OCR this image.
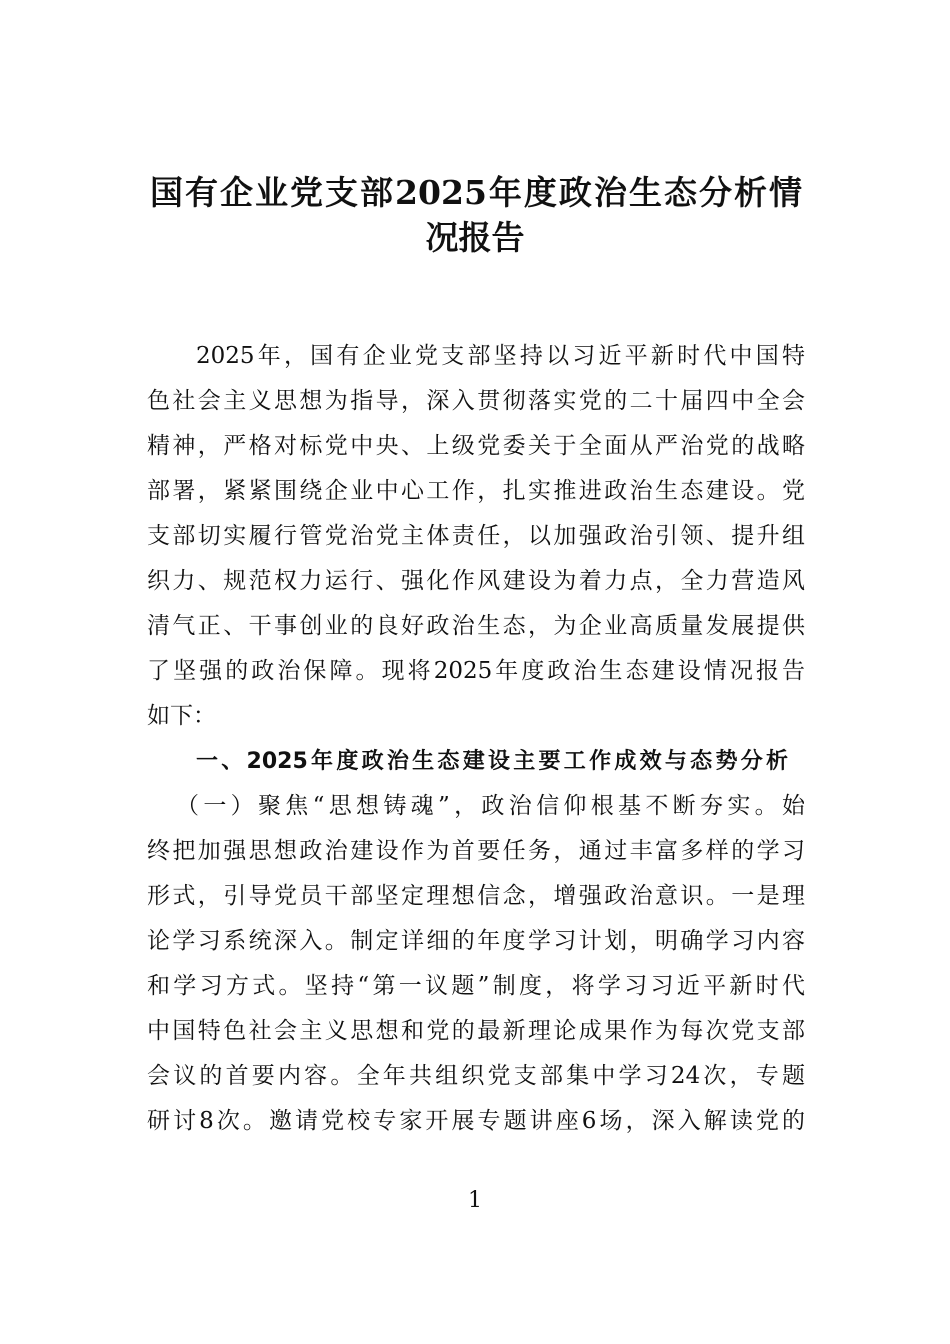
国有企业党支部2025年度政治生态分析情
况报告
2025年，国有企业党支部坚持以习近平新时代中国特
色社会主义思想为指导，深入贯彻落实党的二十届四中全会
精神，严格对标党中央、上级党委关于全面从严治党的战略
部署，紧紧围绕企业中心工作，扎实推进政治生态建设。党
支部切实履行管党治党主体责任，以加强政治引领、提升组
织力、规范权力运行、强化作风建设为着力点，全力营造风
清气正、干事创业的良好政治生态，为企业高质量发展提供
了坚强的政治保障。现将2025年度政治生态建设情况报告
如下：
一、2025年度政治生态建设主要工作成效与态势分析
（一）聚焦“思想铸魂”，政治信仰根基不断夯实。始
终把加强思想政治建设作为首要任务，通过丰富多样的学习
形式，引导党员干部坚定理想信念，增强政治意识。一是理
论学习系统深入。制定详细的年度学习计划，明确学习内容
和学习方式。坚持“第一议题”制度，将学习习近平新时代
中国特色社会主义思想和党的最新理论成果作为每次党支部
会议的首要内容。全年共组织党支部集中学习24次，专题
研讨8次。邀请党校专家开展专题讲座6场，深入解读党的
1
